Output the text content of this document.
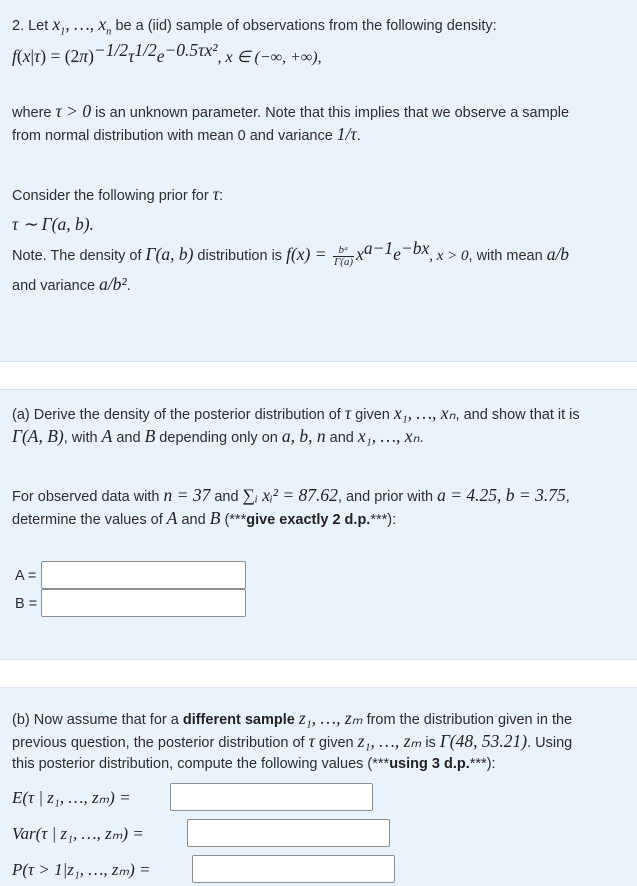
2. Let $x_1$, …, $x_n$ be a (iid) sample of observations from the following density:
$f(x|\tau) = (2\pi)^{-1/2}\tau^{1/2}e^{-0.5\tau x^2}$, x ∈ (−∞, +∞),
where τ > 0 is an unknown parameter. Note that this implies that we observe a sample
from normal distribution with mean 0 and variance 1/τ.
Consider the following prior for τ:
τ ∼ Γ(a, b).
Note. The density of Γ(a, b) distribution is $f(x) = \frac{\text{bᵃ}}{\Gamma(a)} x^{a-1}e^{-bx}$, x > 0, with mean a/b
and variance a/b².
(a) Derive the density of the posterior distribution of τ given x₁, …, xₙ, and show that it is
Γ(A, B), with A and B depending only on a, b, n and x₁, …, xₙ.
For observed data with n = 37 and ∑ᵢ xᵢ² = 87.62, and prior with a = 4.25, b = 3.75,
determine the values of A and B (***give exactly 2 d.p.***):
A =
B =
(b) Now assume that for a different sample z₁, …, zₘ from the distribution given in the
previous question, the posterior distribution of τ given z₁, …, zₘ is Γ(48, 53.21). Using
this posterior distribution, compute the following values (***using 3 d.p.***):
E(τ | z₁, …, zₘ) =
Var(τ | z₁, …, zₘ) =
P(τ > 1|z₁, …, zₘ) =
